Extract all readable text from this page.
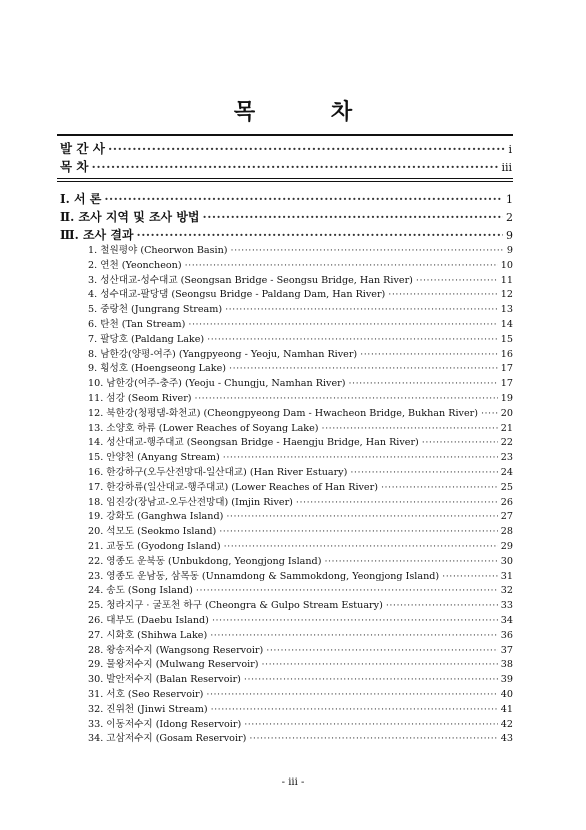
목 차
발 간 사 ·····	i
목 차 ·····	iii
Ⅰ. 서 론 ·····	1
Ⅱ. 조사 지역 및 조사 방법 ·····	2
Ⅲ. 조사 결과 ·····	9
1. 철원평야 (Cheorwon Basin) ·····	9
2. 연천 (Yeoncheon) ·····	10
3. 성산대교-성수대교 (Seongsan Bridge - Seongsu Bridge, Han River) ·····	11
4. 성수대교-팔당댐 (Seongsu Bridge - Paldang Dam, Han River) ·····	12
5. 중랑천 (Jungrang Stream) ·····	13
6. 탄천 (Tan Stream) ·····	14
7. 팔당호 (Paldang Lake) ·····	15
8. 남한강(양평-여주) (Yangpyeong - Yeoju, Namhan River) ·····	16
9. 횡성호 (Hoengseong Lake) ·····	17
10. 남한강(여주-충주) (Yeoju - Chungju, Namhan River) ·····	17
11. 섬강 (Seom River) ·····	19
12. 북한강(청평댐-화천교) (Cheongpyeong Dam - Hwacheon Bridge, Bukhan River) ····· 20
13. 소양호 하류 (Lower Reaches of Soyang Lake) ·····	21
14. 성산대교-행주대교 (Seongsan Bridge - Haengju Bridge, Han River) ·····	22
15. 안양천 (Anyang Stream) ·····	23
16. 한강하구(오두산전망대-일산대교) (Han River Estuary) ·····	24
17. 한강하류(일산대교-행주대교) (Lower Reaches of Han River) ·····	25
18. 임진강(장남교-오두산전망대) (Imjin River) ·····	26
19. 강화도 (Ganghwa Island) ·····	27
20. 석모도 (Seokmo Island) ·····	28
21. 교동도 (Gyodong Island) ·····	29
22. 영종도 운북동 (Unbukdong, Yeongjong Island) ·····	30
23. 영종도 운남동, 삼목동 (Unnamdong & Sammokdong, Yeongjong Island) ·····	31
24. 송도 (Song Island) ·····	32
25. 청라지구 · 굴포천 하구 (Cheongra & Gulpo Stream Estuary) ·····	33
26. 대부도 (Daebu Island) ·····	34
27. 시화호 (Shihwa Lake) ·····	36
28. 왕송저수지 (Wangsong Reservoir) ·····	37
29. 물왕저수지 (Mulwang Reservoir) ·····	38
30. 발안저수지 (Balan Reservoir) ·····	39
31. 서호 (Seo Reservoir) ·····	40
32. 진위천 (Jinwi Stream) ·····	41
33. 이동저수지 (Idong Reservoir) ·····	42
34. 고삼저수지 (Gosam Reservoir) ·····	43
- iii -
